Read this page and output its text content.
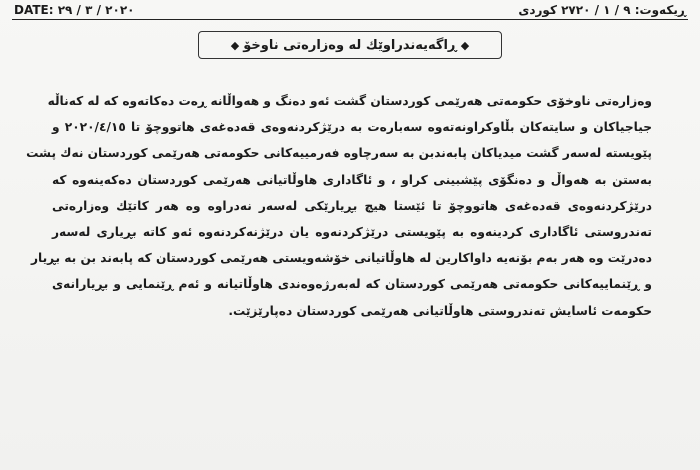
DATE: ٢٠٢٠ / ٣ / ٢٩	ڕیکەوت: ٩ / ١ / ٢٧٢٠ کوردی
◆
ڕاگەیەندراوێك لە وەزارەتی ناوخۆ
◆
وەزارەتی ناوخۆی حكومەتی هەرێمی كوردستان گشت ئەو دەنگ و هەواڵانە ڕەت دەكاتەوە كە لە كەناڵە
جیاجیاكان و سایتەكان بڵاوكراونەتەوە سەبارەت بە درێژكردنەوەی قەدەغەی هاتووچۆ تا ٢٠٢٠/٤/١٥ و
پێویستە لەسەر گشت میدیاكان پابەندبن بە سەرچاوە فەرمییەكانی حكومەتی هەرێمی كوردستان نەك پشت
بەستن بە هەواڵ و دەنگۆی پێشبینی كراو ، و ئاگاداری هاوڵاتیانی هەرێمی كوردستان دەكەینەوە كە
درێژكردنەوەی قەدەغەی هاتووچۆ تا ئێستا هیچ بڕیارێكی لەسەر نەدراوە وە هەر كاتێك وەزارەتی
تەندروستی ئاگاداری كردینەوە بە پێویستی درێژكردنەوە یان درێژنەكردنەوە ئەو كاتە بڕیاری لەسەر
دەدرێت وە هەر بەم بۆنەیە داواكارین لە هاوڵاتیانی خۆشەویستی هەرێمی كوردستان كە پابەند بن بە بڕیار
و ڕێنماییەكانی حكومەتی هەرێمی كوردستان كە لەبەرژەوەندی هاوڵاتیانە و ئەم ڕێنمایی و بڕیارانەی
حكومەت ئاسایش تەندروستی هاوڵاتیانی هەرێمی كوردستان دەپارێزێت.
